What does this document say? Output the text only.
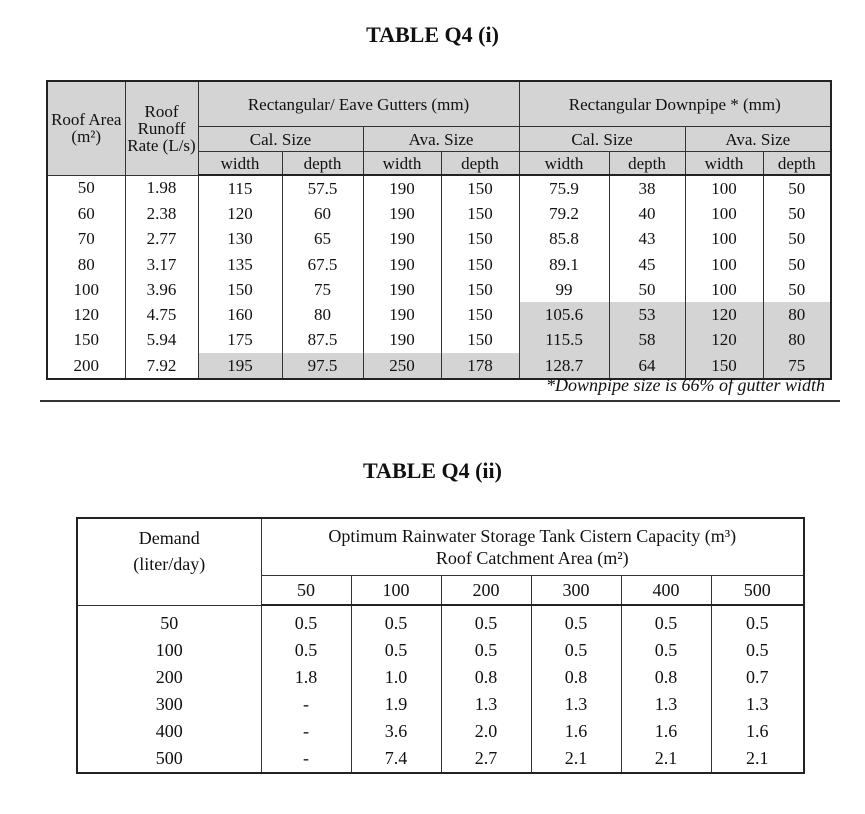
TABLE Q4 (i)
Roof Area (m²)	Roof Runoff Rate (L/s)	Rectangular/ Eave Gutters (mm)				Rectangular Downpipe * (mm)			
		Cal. Size		Ava. Size		Cal. Size		Ava. Size	
		width	depth	width	depth	width	depth	width	depth
50	1.98	115	57.5	190	150	75.9	38	100	50
60	2.38	120	60	190	150	79.2	40	100	50
70	2.77	130	65	190	150	85.8	43	100	50
80	3.17	135	67.5	190	150	89.1	45	100	50
100	3.96	150	75	190	150	99	50	100	50
120	4.75	160	80	190	150	105.6	53	120	80
150	5.94	175	87.5	190	150	115.5	58	120	80
200	7.92	195	97.5	250	178	128.7	64	150	75
*Downpipe size is 66% of gutter width
TABLE Q4 (ii)
Demand (liter/day)	Optimum Rainwater Storage Tank Cistern Capacity (m³)
Roof Catchment Area (m²)					

	50	100	200	300	400	500
50	0.5	0.5	0.5	0.5	0.5	0.5
100	0.5	0.5	0.5	0.5	0.5	0.5
200	1.8	1.0	0.8	0.8	0.8	0.7
300	-	1.9	1.3	1.3	1.3	1.3
400	-	3.6	2.0	1.6	1.6	1.6
500	-	7.4	2.7	2.1	2.1	2.1
